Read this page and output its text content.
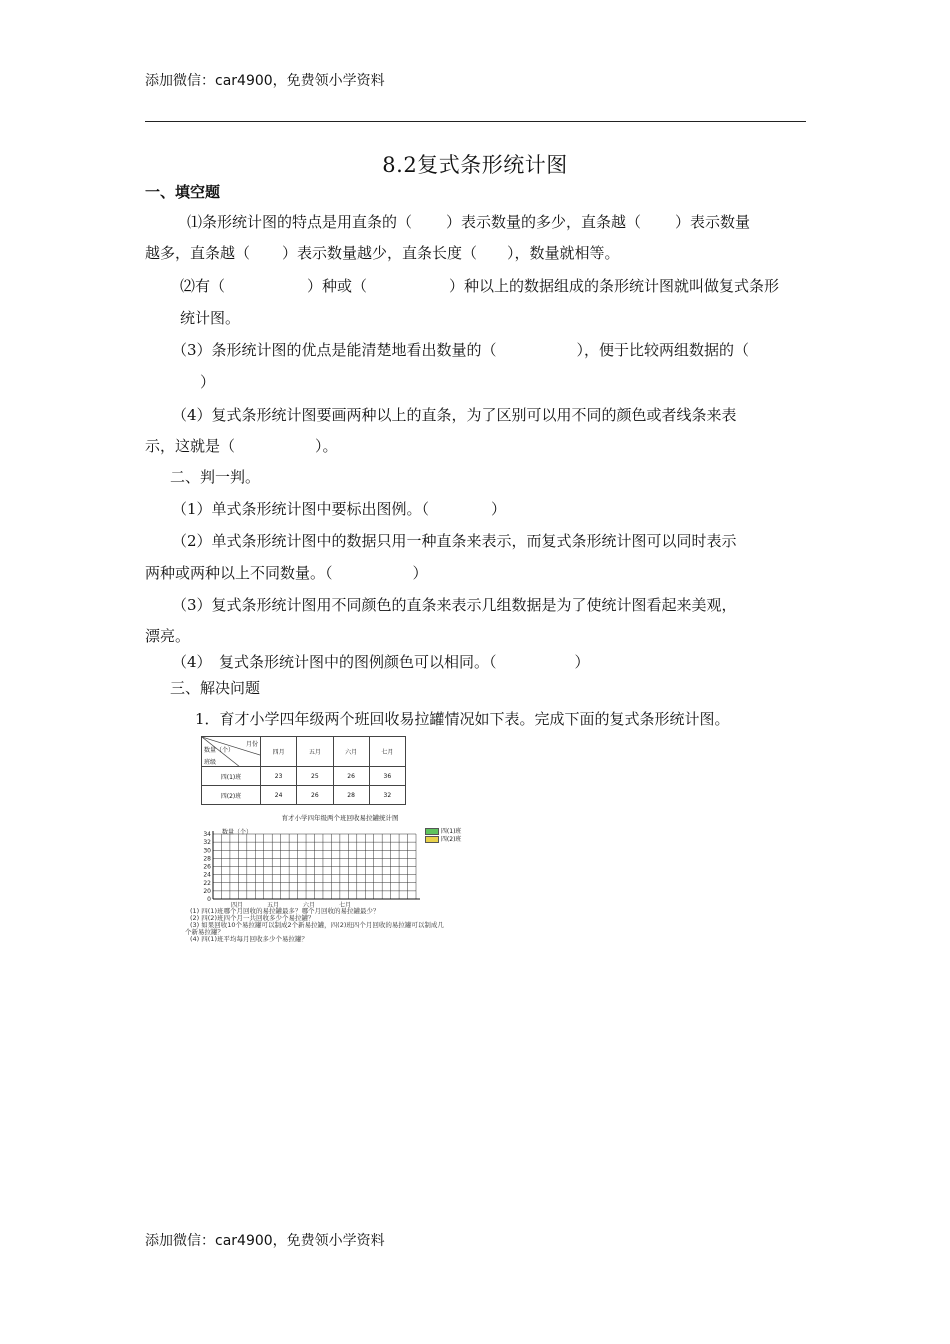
添加微信：car4900，免费领小学资料
8.2复式条形统计图
一、填空题
⑴条形统计图的特点是用直条的（ ）表示数量的多少，直条越（ ）表示数量
越多，直条越（ ）表示数量越少，直条长度（ ），数量就相等。
⑵有（	）种或（	）种以上的数据组成的条形统计图就叫做复式条形
统计图。
（3）条形统计图的优点是能清楚地看出数量的（	），便于比较两组数据的（
）
（4）复式条形统计图要画两种以上的直条，为了区别可以用不同的颜色或者线条来表
示，这就是（	）。
二、判一判。
（1）单式条形统计图中要标出图例。（	）
（2）单式条形统计图中的数据只用一种直条来表示，而复式条形统计图可以同时表示
两种或两种以上不同数量。（	）
（3）复式条形统计图用不同颜色的直条来表示几组数据是为了使统计图看起来美观，
漂亮。
（4）　复式条形统计图中的图例颜色可以相同。（	）
三、解决问题
1．育才小学四年级两个班回收易拉罐情况如下表。完成下面的复式条形统计图。
月份
数量（个）
班级	四月	五月	六月	七月
四(1)班	23	25	26	36
四(2)班	24	26	28	32
育才小学四年级两个班回收易拉罐统计图
数量（个）	四(1)班
四(2)班
34
32
30
28
26
24
22
20
0
四月	五月	六月	七月
(1) 四(1)班哪个月回收的易拉罐最多？哪个月回收的易拉罐最少？
(2) 四(2)班四个月一共回收多少个易拉罐？
(3) 如果回收10个易拉罐可以制成2个新易拉罐，四(2)班四个月回收的易拉罐可以制成几
个新易拉罐？
(4) 四(1)班平均每月回收多少个易拉罐？
添加微信：car4900，免费领小学资料
